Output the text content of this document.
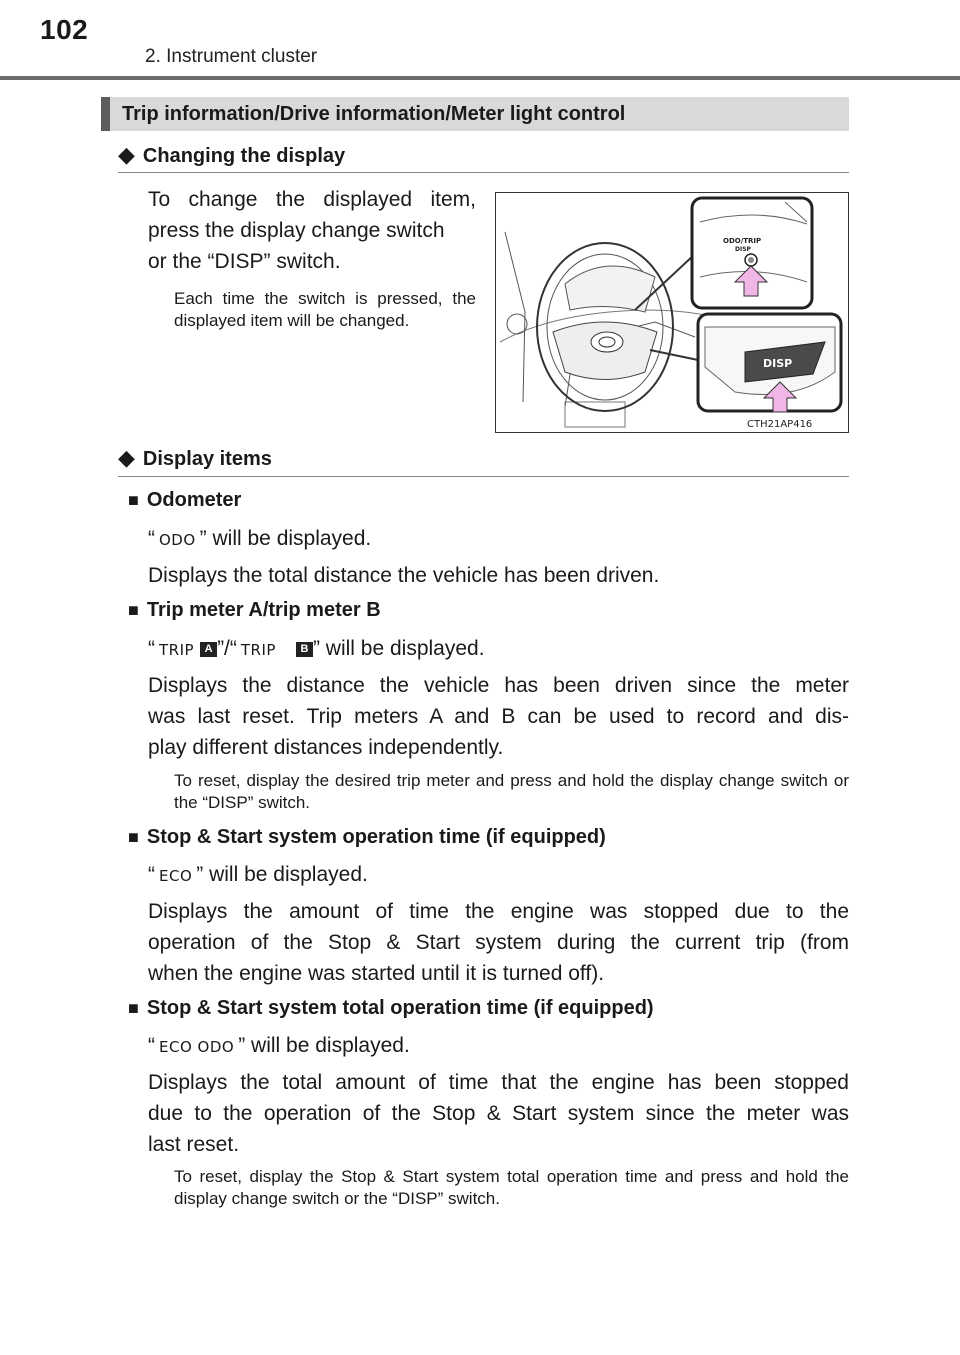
102
2. Instrument cluster
Trip information/Drive information/Meter light control
◆ Changing the display
To change the displayed item,
press the display change switch
or the “DISP” switch.
Each time the switch is pressed, the displayed item will be changed.
ODO/TRIP
DISP
DISP
CTH21AP416
◆ Display items
■ Odometer
“ ODO ” will be displayed.
Displays the total distance the vehicle has been driven.
■ Trip meter A/trip meter B
“ TRIP A ”/“ TRIP B ” will be displayed.
Displays the distance the vehicle has been driven since the meter
was last reset. Trip meters A and B can be used to record and dis-
play different distances independently.
To reset, display the desired trip meter and press and hold the display change switch or the “DISP” switch.
■ Stop & Start system operation time (if equipped)
“ ECO ” will be displayed.
Displays the amount of time the engine was stopped due to the
operation of the Stop & Start system during the current trip (from
when the engine was started until it is turned off).
■ Stop & Start system total operation time (if equipped)
“ ECO ODO ” will be displayed.
Displays the total amount of time that the engine has been stopped
due to the operation of the Stop & Start system since the meter was
last reset.
To reset, display the Stop & Start system total operation time and press and hold the display change switch or the “DISP” switch.
